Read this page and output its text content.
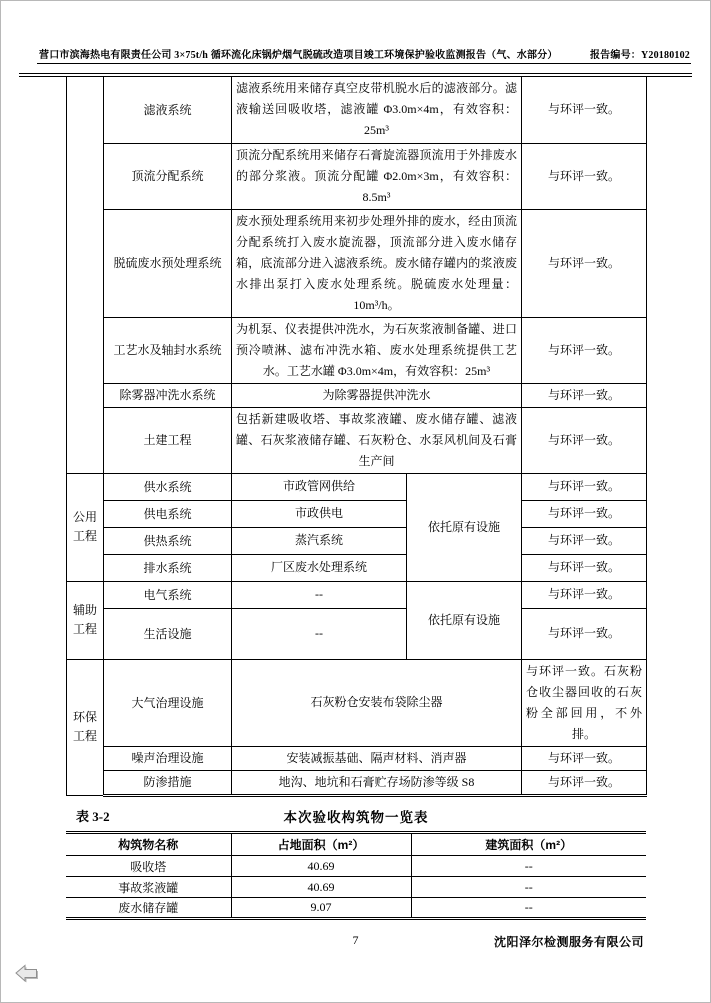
营口市滨海热电有限责任公司 3×75t/h 循环流化床锅炉烟气脱硫改造项目竣工环境保护验收监测报告（气、水部分）	报告编号：Y20180102
	滤液系统	滤液系统用来储存真空皮带机脱水后的滤液部分。滤液输送回吸收塔，滤液罐 Φ3.0m×4m，有效容积：25m³		与环评一致。
	顶流分配系统	顶流分配系统用来储存石膏旋流器顶流用于外排废水的部分浆液。顶流分配罐 Φ2.0m×3m，有效容积：8.5m³		与环评一致。
	脱硫废水预处理系统	废水预处理系统用来初步处理外排的废水，经由顶流分配系统打入废水旋流器，顶流部分进入废水储存箱，底流部分进入滤液系统。废水储存罐内的浆液废水排出泵打入废水处理系统。脱硫废水处理量：10m³/h。		与环评一致。
	工艺水及轴封水系统	为机泵、仪表提供冲洗水，为石灰浆液制备罐、进口预冷喷淋、滤布冲洗水箱、废水处理系统提供工艺水。工艺水罐 Φ3.0m×4m，有效容积：25m³		与环评一致。
	除雾器冲洗水系统	为除雾器提供冲洗水		与环评一致。
	土建工程	包括新建吸收塔、事故浆液罐、废水储存罐、滤液罐、石灰浆液储存罐、石灰粉仓、水泵风机间及石膏生产间		与环评一致。
公用工程	供水系统	市政管网供给	依托原有设施	与环评一致。
	供电系统	市政供电		与环评一致。
	供热系统	蒸汽系统		与环评一致。
	排水系统	厂区废水处理系统		与环评一致。
辅助工程	电气系统	--	依托原有设施	与环评一致。
	生活设施	--		与环评一致。
环保工程	大气治理设施	石灰粉仓安装布袋除尘器		与环评一致。石灰粉仓收尘器回收的石灰粉全部回用，不外排。
	噪声治理设施	安装减振基础、隔声材料、消声器		与环评一致。
	防渗措施	地沟、地坑和石膏贮存场防渗等级 S8		与环评一致。
表 3-2	本次验收构筑物一览表
构筑物名称	占地面积（m²）	建筑面积（m²）
吸收塔	40.69	--
事故浆液罐	40.69	--
废水储存罐	9.07	--
7	沈阳泽尔检测服务有限公司
